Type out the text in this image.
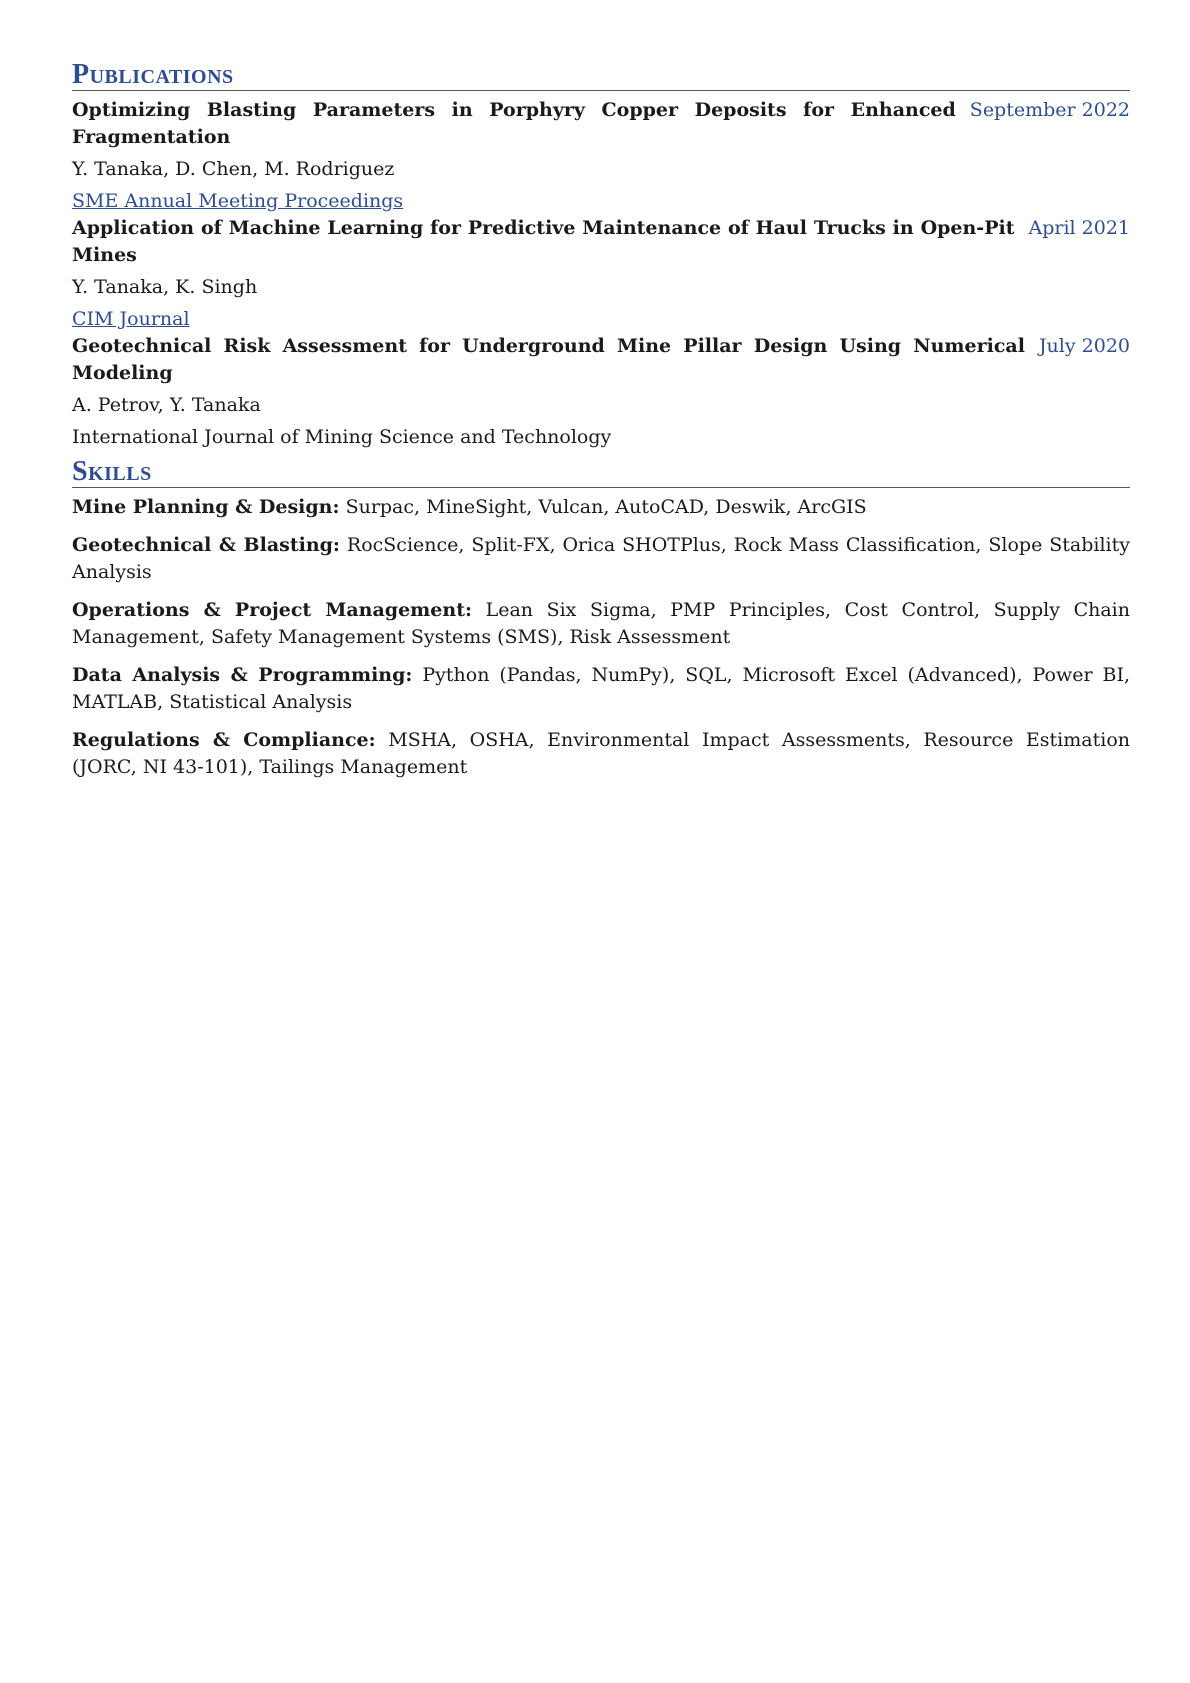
Publications
Optimizing Blasting Parameters in Porphyry Copper Deposits for Enhanced Fragmentation
September 2022
Y. Tanaka, D. Chen, M. Rodriguez
SME Annual Meeting Proceedings
Application of Machine Learning for Predictive Maintenance of Haul Trucks in Open-Pit Mines
April 2021
Y. Tanaka, K. Singh
CIM Journal
Geotechnical Risk Assessment for Underground Mine Pillar Design Using Numerical Modeling
July 2020
A. Petrov, Y. Tanaka
International Journal of Mining Science and Technology
Skills
Mine Planning & Design: Surpac, MineSight, Vulcan, AutoCAD, Deswik, ArcGIS
Geotechnical & Blasting: RocScience, Split-FX, Orica SHOTPlus, Rock Mass Classification, Slope Stability Analysis
Operations & Project Management: Lean Six Sigma, PMP Principles, Cost Control, Supply Chain Management, Safety Management Systems (SMS), Risk Assessment
Data Analysis & Programming: Python (Pandas, NumPy), SQL, Microsoft Excel (Advanced), Power BI, MATLAB, Statistical Analysis
Regulations & Compliance: MSHA, OSHA, Environmental Impact Assessments, Resource Estimation (JORC, NI 43-101), Tailings Management
